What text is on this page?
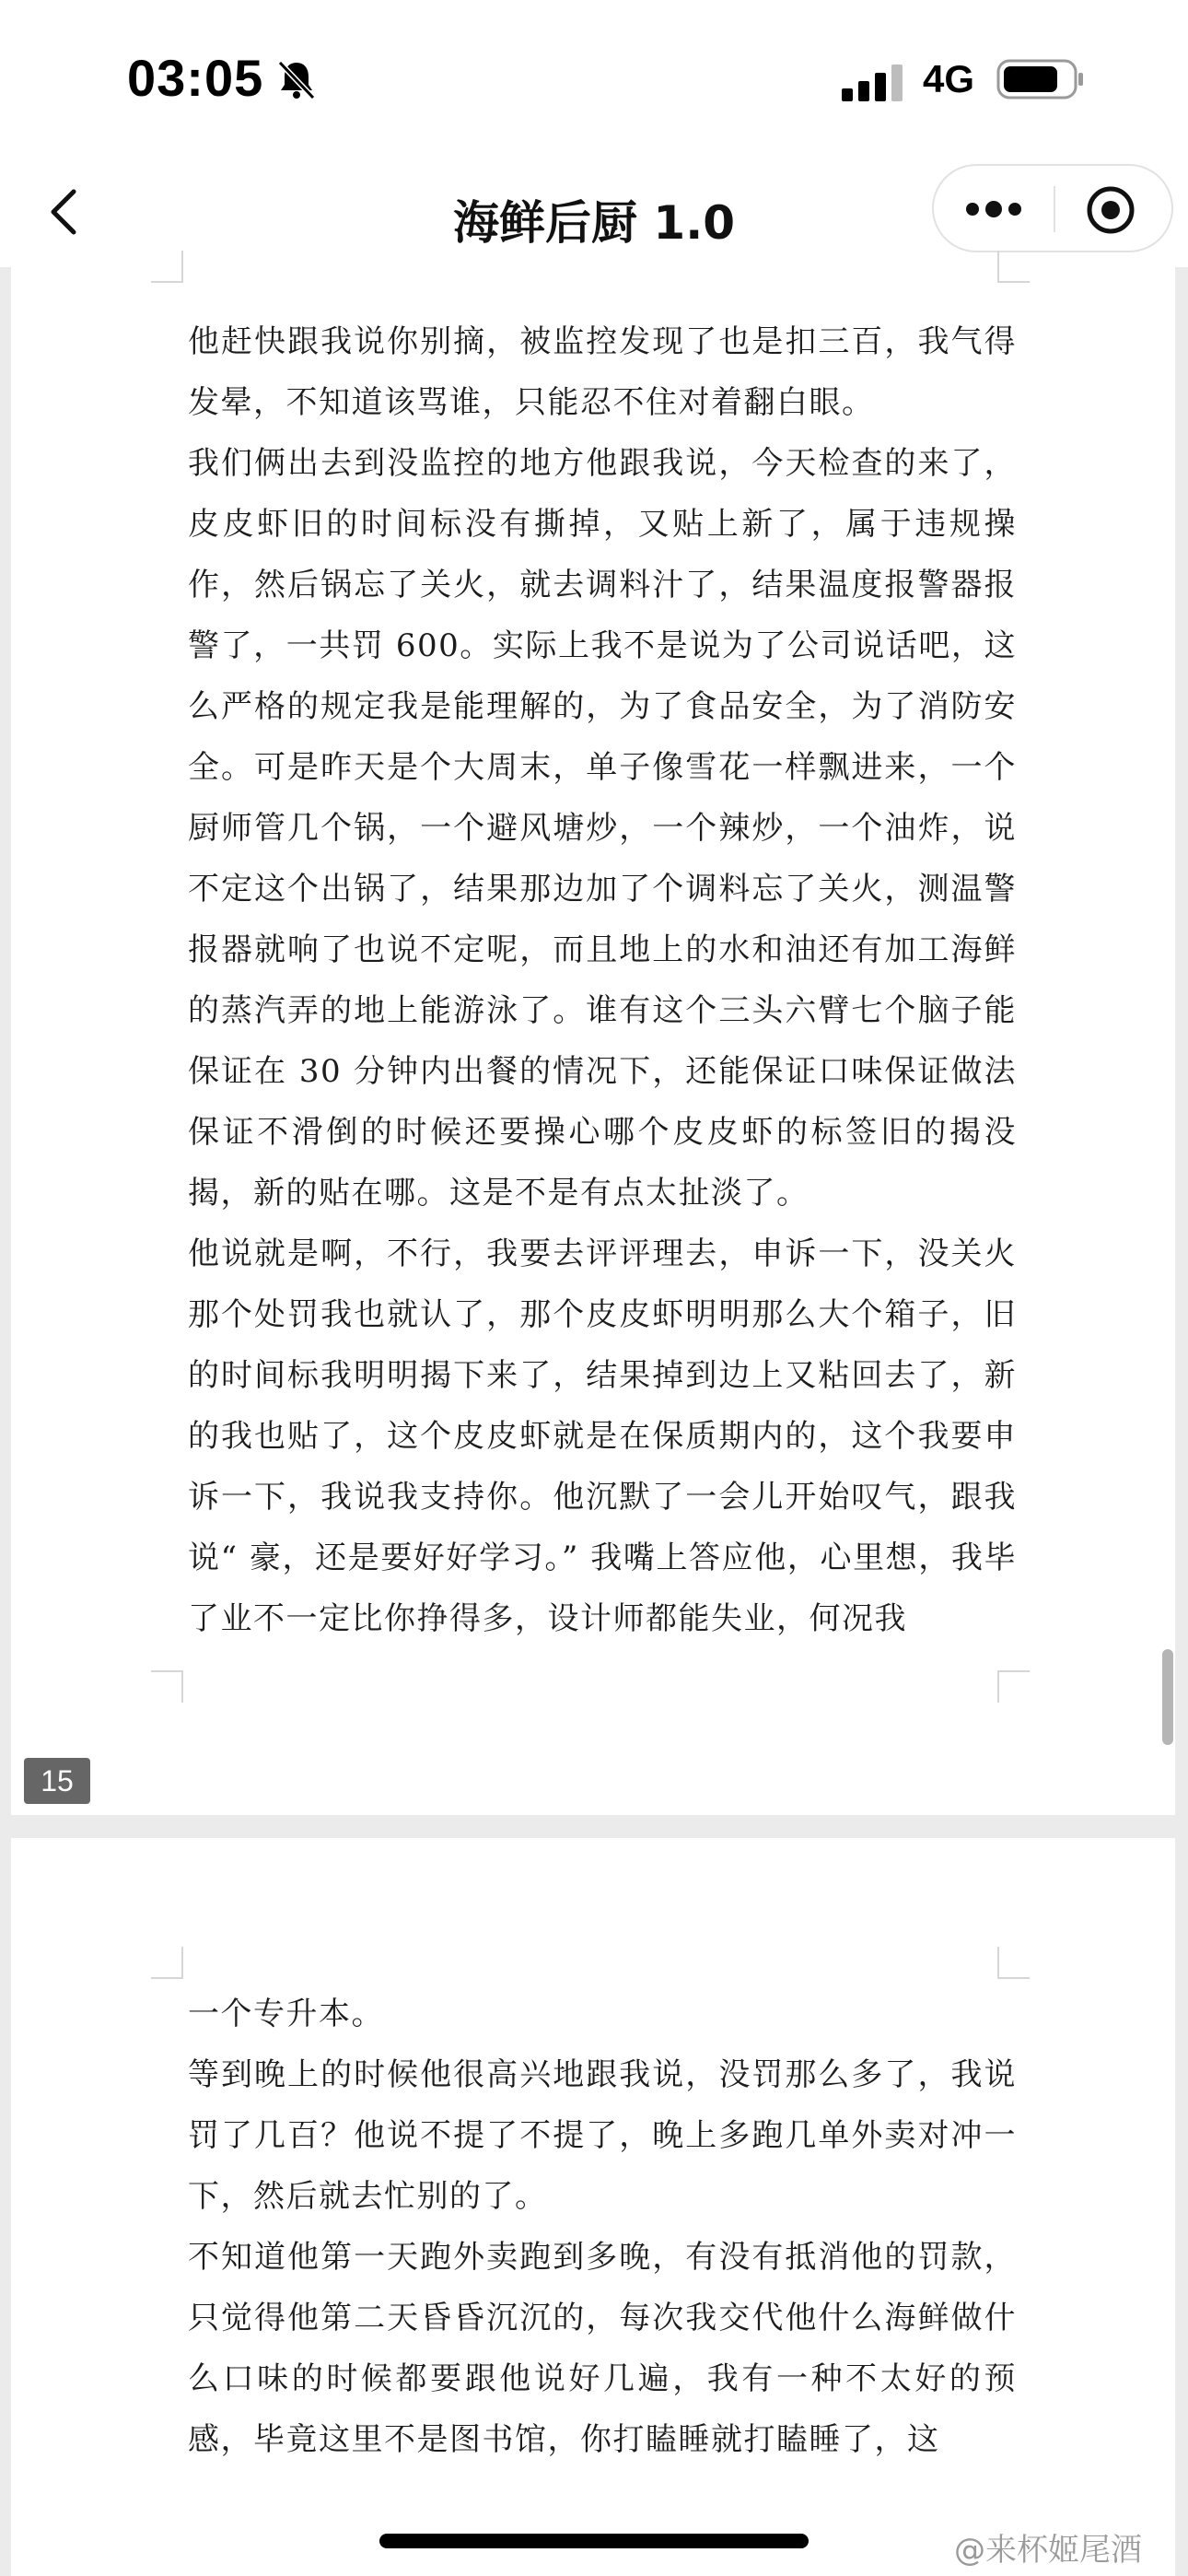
03:05	4G
海鲜后厨 1.0

他赶快跟我说你别摘，被监控发现了也是扣三百，我气得发晕，不知道该骂谁，只能忍不住对着翻白眼。

我们俩出去到没监控的地方他跟我说，今天检查的来了，皮皮虾旧的时间标没有撕掉，又贴上新了，属于违规操作，然后锅忘了关火，就去调料汁了，结果温度报警器报警了，一共罚 600。实际上我不是说为了公司说话吧，这么严格的规定我是能理解的，为了食品安全，为了消防安全。可是昨天是个大周末，单子像雪花一样飘进来，一个厨师管几个锅，一个避风塘炒，一个辣炒，一个油炸，说不定这个出锅了，结果那边加了个调料忘了关火，测温警报器就响了也说不定呢，而且地上的水和油还有加工海鲜的蒸汽弄的地上能游泳了。谁有这个三头六臂七个脑子能保证在 30 分钟内出餐的情况下，还能保证口味保证做法保证不滑倒的时候还要操心哪个皮皮虾的标签旧的揭没揭，新的贴在哪。这是不是有点太扯淡了。

他说就是啊，不行，我要去评评理去，申诉一下，没关火那个处罚我也就认了，那个皮皮虾明明那么大个箱子，旧的时间标我明明揭下来了，结果掉到边上又粘回去了，新的我也贴了，这个皮皮虾就是在保质期内的，这个我要申诉一下，我说我支持你。他沉默了一会儿开始叹气，跟我说“ 豪，还是要好好学习。” 我嘴上答应他，心里想，我毕了业不一定比你挣得多，设计师都能失业，何况我

15

一个专升本。

等到晚上的时候他很高兴地跟我说，没罚那么多了，我说罚了几百？他说不提了不提了，晚上多跑几单外卖对冲一下，然后就去忙别的了。

不知道他第一天跑外卖跑到多晚，有没有抵消他的罚款，只觉得他第二天昏昏沉沉的，每次我交代他什么海鲜做什么口味的时候都要跟他说好几遍，我有一种不太好的预感，毕竟这里不是图书馆，你打瞌睡就打瞌睡了，这

@来杯姬尾酒
